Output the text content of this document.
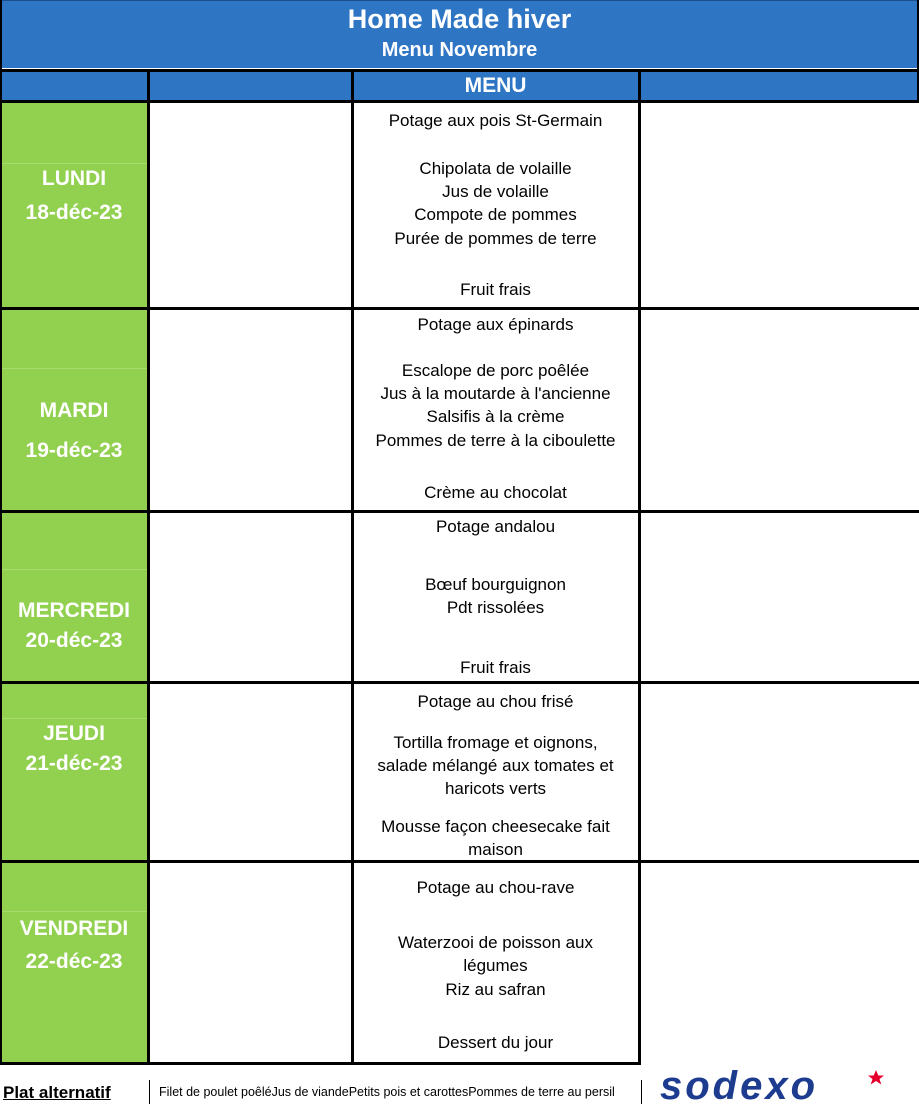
Home Made hiver
Menu Novembre
MENU
LUNDI
18-déc-23
MARDI
19-déc-23
MERCREDI
20-déc-23
JEUDI
21-déc-23
VENDREDI
22-déc-23
Potage aux pois St-Germain
Chipolata de volaille
Jus de volaille
Compote de pommes
Purée de pommes de terre
Fruit frais
Potage aux épinards
Escalope de porc poêlée
Jus à la moutarde à l'ancienne
Salsifis à la crème
Pommes de terre à la ciboulette
Crème au chocolat
Potage andalou
Bœuf bourguignon
Pdt rissolées
Fruit frais
Potage au chou frisé
Tortilla fromage et oignons,
salade mélangé aux tomates et
haricots verts
Mousse façon cheesecake fait
maison
Potage au chou-rave
Waterzooi de poisson aux
légumes
Riz au safran
Dessert du jour
Plat alternatif	Filet de poulet poêléJus de viandePetits pois et carottesPommes de terre au persil sodexo
